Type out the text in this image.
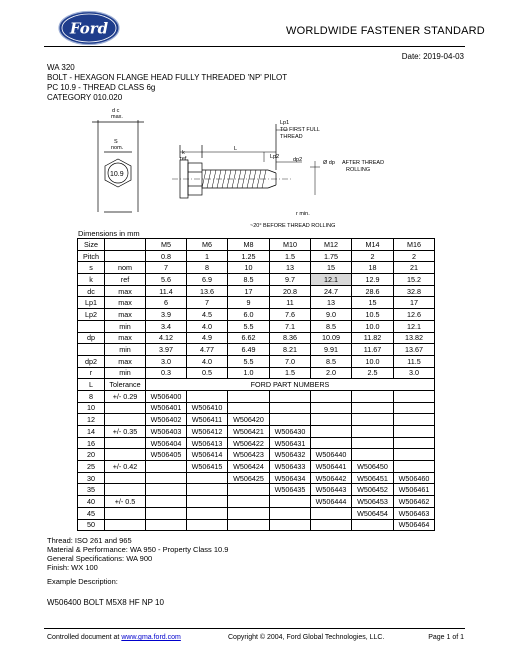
Ford	WORLDWIDE FASTENER STANDARD
Date: 2019-04-03
WA 320
BOLT - HEXAGON FLANGE HEAD FULLY THREADED 'NP' PILOT
PC 10.9 - THREAD CLASS 6g
CATEGORY 010.020
d c
max.
S
nom.
10.9
k
ref.
L
Lp1
TO FIRST FULL
THREAD
Lp2	dp2	Ø dp AFTER THREAD
ROLLING
r min.
~20° BEFORE THREAD ROLLING
Dimensions in mm
Size		M5	M6	M8	M10	M12	M14	M16
Pitch		0.8	1	1.25	1.5	1.75	2	2
s	nom	7	8	10	13	15	18	21
k	ref	5.6	6.9	8.5	9.7	12.1	12.9	15.2
dᴄ	max	11.4	13.6	17	20.8	24.7	28.6	32.8
Lp1	max	6	7	9	11	13	15	17
Lp2	max	3.9	4.5	6.0	7.6	9.0	10.5	12.6
	min	3.4	4.0	5.5	7.1	8.5	10.0	12.1
dp	max	4.12	4.9	6.62	8.36	10.09	11.82	13.82
	min	3.97	4.77	6.49	8.21	9.91	11.67	13.67
dp2	max	3.0	4.0	5.5	7.0	8.5	10.0	11.5
r	min	0.3	0.5	1.0	1.5	2.0	2.5	3.0
L	Tolerance	FORD PART NUMBERS						
8	+/- 0.29	W506400						
10		W506401	W506410					
12		W506402	W506411	W506420				
14	+/- 0.35	W506403	W506412	W506421	W506430			
16		W506404	W506413	W506422	W506431			
20		W506405	W506414	W506423	W506432	W506440		
25	+/- 0.42		W506415	W506424	W506433	W506441	W506450	
30				W506425	W506434	W506442	W506451	W506460
35					W506435	W506443	W506452	W506461
40	+/- 0.5					W506444	W506453	W506462
45							W506454	W506463
50								W506464
Thread: ISO 261 and 965
Material & Performance: WA 950 - Property Class 10.9
General Specifications: WA 900
Finish: WX 100
Example Description:
W506400 BOLT M5X8 HF NP 10
Controlled document at www.gma.ford.com	Copyright © 2004, Ford Global Technologies, LLC.	Page 1 of 1
